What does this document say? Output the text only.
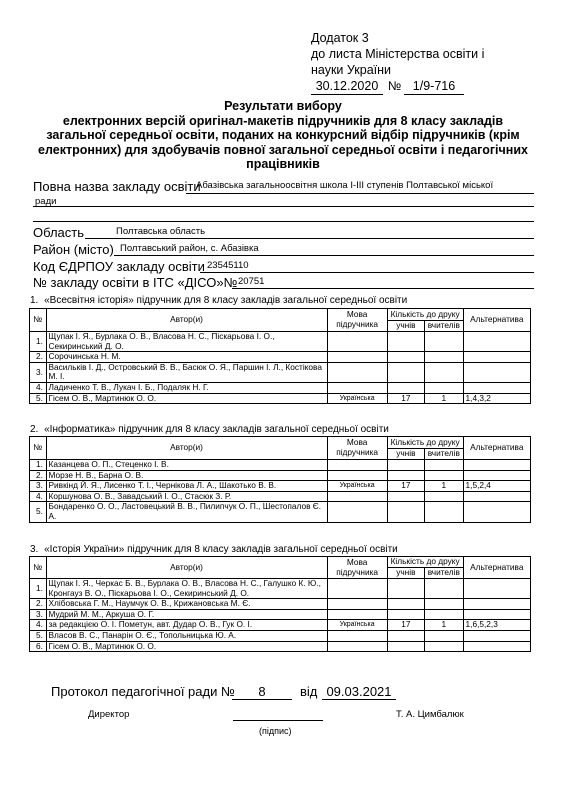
Додаток 3
до листа Міністерства освіти і
науки України
30.12.2020 № 1/9-716
Результати вибору
електронних версій оригінал-макетів підручників для 8 класу закладів
загальної середньої освіти, поданих на конкурсний відбір підручників (крім
електронних) для здобувачів повної загальної середньої освіти і педагогічних
працівників
Повна назва закладу освіти
Абазівська загальноосвітня школа І-ІІІ ступенів Полтавської міської
ради
Область	Полтавська область
Район (місто) Полтавський район, с. Абазівка
Код ЄДРПОУ закладу освіти 23545110
№ закладу освіти в ІТС «ДІСО»№ 20751
1. «Всесвітня історія» підручник для 8 класу закладів загальної середньої освіти
2. «Інформатика» підручник для 8 класу закладів загальної середньої освіти
3. «Історія України» підручник для 8 класу закладів загальної середньої освіти
№	Автор(и)	Мова
підручника	Кількість до друку		Альтернатива
			учнів	вчителів	
1.	Щупак І. Я., Бурлака О. В., Власова Н. С., Піскарьова І. О., Секиринський Д. О.				
2.	Сорочинська Н. М.				
3.	Васильків І. Д., Островський В. В., Басюк О. Я., Паршин І. Л., Костікова М. І.				
4.	Ладиченко Т. В., Лукач І. Б., Подаляк Н. Г.				
5.	Гісем О. В., Мартинюк О. О.	Українська	17	1	1,4,3,2
№	Автор(и)	Мова
підручника	Кількість до друку		Альтернатива
			учнів	вчителів	
1.	Казанцева О. П., Стеценко І. В.				
2.	Морзе Н. В., Барна О. В.				
3.	Ривкінд Й. Я., Лисенко Т. І., Чернікова Л. А., Шакотько В. В.	Українська	17	1	1,5,2,4
4.	Коршунова О. В., Завадський І. О., Стасюк З. Р.				
5.	Бондаренко О. О., Ластовецький В. В., Пилипчук О. П., Шестопалов Є. А.				
№	Автор(и)	Мова
підручника	Кількість до друку		Альтернатива
			учнів	вчителів	
1.	Щупак І. Я., Черкас Б. В., Бурлака О. В., Власова Н. С., Галушко К. Ю., Кронгауз В. О., Піскарьова І. О., Секиринський Д. О.				
2.	Хлібовська Г. М., Наумчук О. В., Крижановська М. Є.				
3.	Мудрий М. М., Аркуша О. Г.				
4.	за редакцією О. І. Пометун, авт. Дудар О. В., Гук О. І.	Українська	17	1	1,6,5,2,3
5.	Власов В. С., Панарін О. Є., Топольницька Ю. А.				
6.	Гісем О. В., Мартинюк О. О.				
Протокол педагогічної ради №	8	від 09.03.2021
Директор
(підпис)
Т. А. Цимбалюк
